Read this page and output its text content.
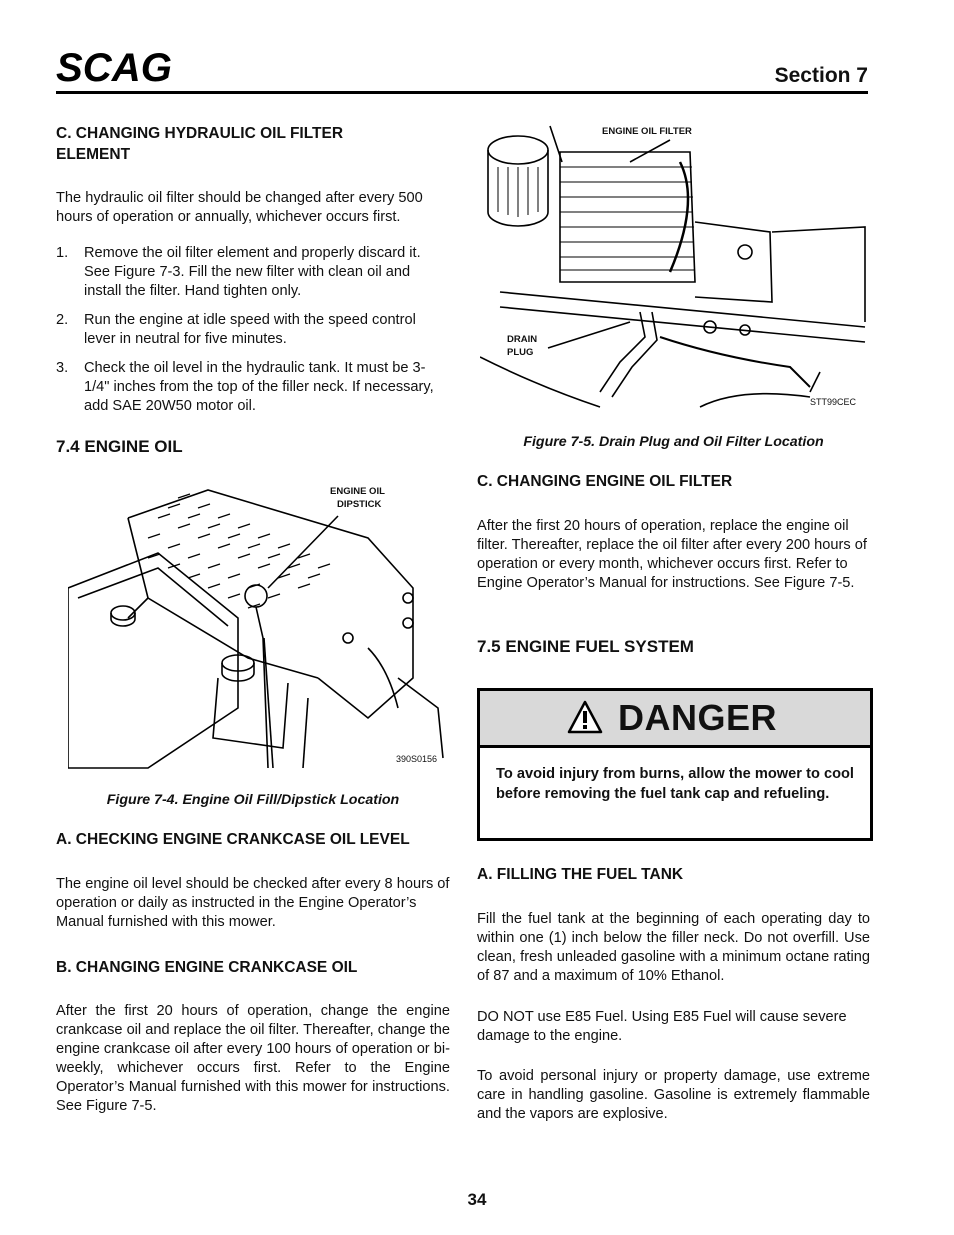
SCAG	Section 7
C. CHANGING HYDRAULIC OIL FILTER ELEMENT

The hydraulic oil filter should be changed after every 500 hours of operation or annually, whichever occurs first.

1. Remove the oil filter element and properly discard it. See Figure 7-3. Fill the new filter with clean oil and install the filter. Hand tighten only.
2. Run the engine at idle speed with the speed control lever in neutral for five minutes.
3. Check the oil level in the hydraulic tank. It must be 3-1/4" inches from the top of the filler neck. If necessary, add SAE 20W50 motor oil.
7.4 ENGINE OIL
ENGINE OIL
DIPSTICK
390S0156
Figure 7-4. Engine Oil Fill/Dipstick Location
A. CHECKING ENGINE CRANKCASE OIL LEVEL

The engine oil level should be checked after every 8 hours of operation or daily as instructed in the Engine Operator’s Manual furnished with this mower.

B. CHANGING ENGINE CRANKCASE OIL

After the first 20 hours of operation, change the engine crankcase oil and replace the oil filter. Thereafter, change the engine crankcase oil after every 100 hours of operation or bi-weekly, whichever occurs first. Refer to the Engine Operator’s Manual furnished with this mower for instructions. See Figure 7-5.

ENGINE OIL FILTER
DRAIN
PLUG
STT99CEC
Figure 7-5. Drain Plug and Oil Filter Location
C. CHANGING ENGINE OIL FILTER

After the first 20 hours of operation, replace the engine oil filter. Thereafter, replace the oil filter after every 200 hours of operation or every month, whichever occurs first. Refer to Engine Operator’s Manual for instructions. See Figure 7-5.

7.5 ENGINE FUEL SYSTEM
DANGER
To avoid injury from burns, allow the mower to cool before removing the fuel tank cap and refueling.
A. FILLING THE FUEL TANK

Fill the fuel tank at the beginning of each operating day to within one (1) inch below the filler neck. Do not overfill. Use clean, fresh unleaded gasoline with a minimum octane rating of 87 and a maximum of 10% Ethanol.

DO NOT use E85 Fuel. Using E85 Fuel will cause severe damage to the engine.

To avoid personal injury or property damage, use extreme care in handling gasoline. Gasoline is extremely flammable and the vapors are explosive.

34
